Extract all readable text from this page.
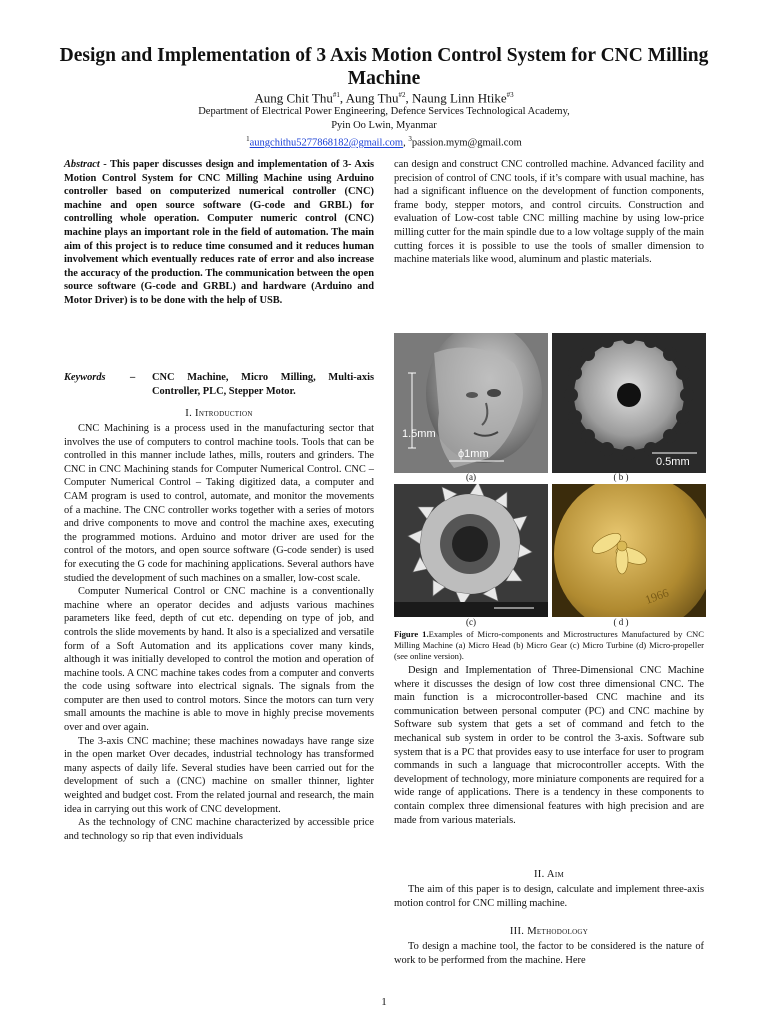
Design and Implementation of 3 Axis Motion Control System for CNC Milling Machine
Aung Chit Thu$^{\#1}$, Aung Thu$^{\#2}$, Naung Linn Htike$^{\#3}$
Department of Electrical Power Engineering, Defence Services Technological Academy,
Pyin Oo Lwin, Myanmar
$^1$aungchithu5277868182@gmail.com, $^3$passion.mym@gmail.com

Abstract - This paper discusses design and implementation of 3- Axis Motion Control System for CNC Milling Machine using Arduino controller based on computerized numerical controller (CNC) machine and open source software (G-code and GRBL) for controlling whole operation. Computer numeric control (CNC) machine plays an important role in the field of automation. The main aim of this project is to reduce time consumed and it reduces human involvement which eventually reduces rate of error and also increase the accuracy of the production. The communication between the open source software (G-code and GRBL) and hardware (Arduino and Motor Driver) is to be done with the help of USB.

Keywords – CNC Machine, Micro Milling, Multi-axis Controller, PLC, Stepper Motor.
I. Introduction

CNC Machining is a process used in the manufacturing sector that involves the use of computers to control machine tools. Tools that can be controlled in this manner include lathes, mills, routers and grinders. The CNC in CNC Machining stands for Computer Numerical Control. CNC – Computer Numerical Control – Taking digitized data, a computer and CAM program is used to control, automate, and monitor the movements of a machine. The CNC controller works together with a series of motors and drive components to move and control the machine axes, executing the programmed motions. Arduino and motor driver are used for the control of the motors, and open source software (G-code sender) is used for executing the G code for machining applications. Several authors have studied the development of such machines on a smaller, low-cost scale.

Computer Numerical Control or CNC machine is a conventionally machine where an operator decides and adjusts various machines parameters like feed, depth of cut etc. depending on type of job, and controls the slide movements by hand. It also is a specialized and versatile form of a Soft Automation and its applications cover many kinds, although it was initially developed to control the motion and operation of machine tools. A CNC machine takes codes from a computer and converts the code using software into electrical signals. The signals from the computer are then used to control motors. Since the motors can turn very small amounts the machine is able to move in highly precise movements over and over again.

The 3-axis CNC machine; these machines nowadays have range size in the open market Over decades, industrial technology has transformed many aspects of daily life. Several studies have been carried out for the development of such a (CNC) machine on smaller thinner, lighter weighted and budget cost. From the related journal and research, the main idea in carrying out this work of CNC development.

As the technology of CNC machine characterized by accessible price and technology so rip that even individuals

can design and construct CNC controlled machine. Advanced facility and precision of control of CNC tools, if it’s compare with usual machine, has had a significant influence on the development of function components, frame body, stepper motors, and control circuits. Construction and evaluation of Low-cost table CNC milling machine by using low-price milling cutter for the main spindle due to a low voltage supply of the main cutting forces it is possible to use the tools of smaller dimension to machine materials like wood, aluminum and plastic materials.

1.5mm
ϕ1mm
0.5mm
(a)	( b )
1966
(c)	( d )
Figure 1.Examples of Micro-components and Microstructures Manufactured by CNC Milling Machine (a) Micro Head (b) Micro Gear (c) Micro Turbine (d) Micro-propeller (see online version).

Design and Implementation of Three-Dimensional CNC Machine where it discusses the design of low cost three dimensional CNC. The main function is a microcontroller-based CNC machine and its communication between personal computer (PC) and CNC machine by Software sub system that gets a set of command and fetch to the mechanical sub system in order to be control the 3-axis. Software sub system that is a PC that provides easy to use interface for user to program commands in such a language that microcontroller accepts. With the development of technology, more miniature components are required for a wide range of applications. There is a tendency in these components to contain complex three dimensional features with high precision and are made from various materials.

II. Aim

The aim of this paper is to design, calculate and implement three-axis motion control for CNC milling machine.

III. Methodology

To design a machine tool, the factor to be considered is the nature of work to be performed from the machine. Here

1
